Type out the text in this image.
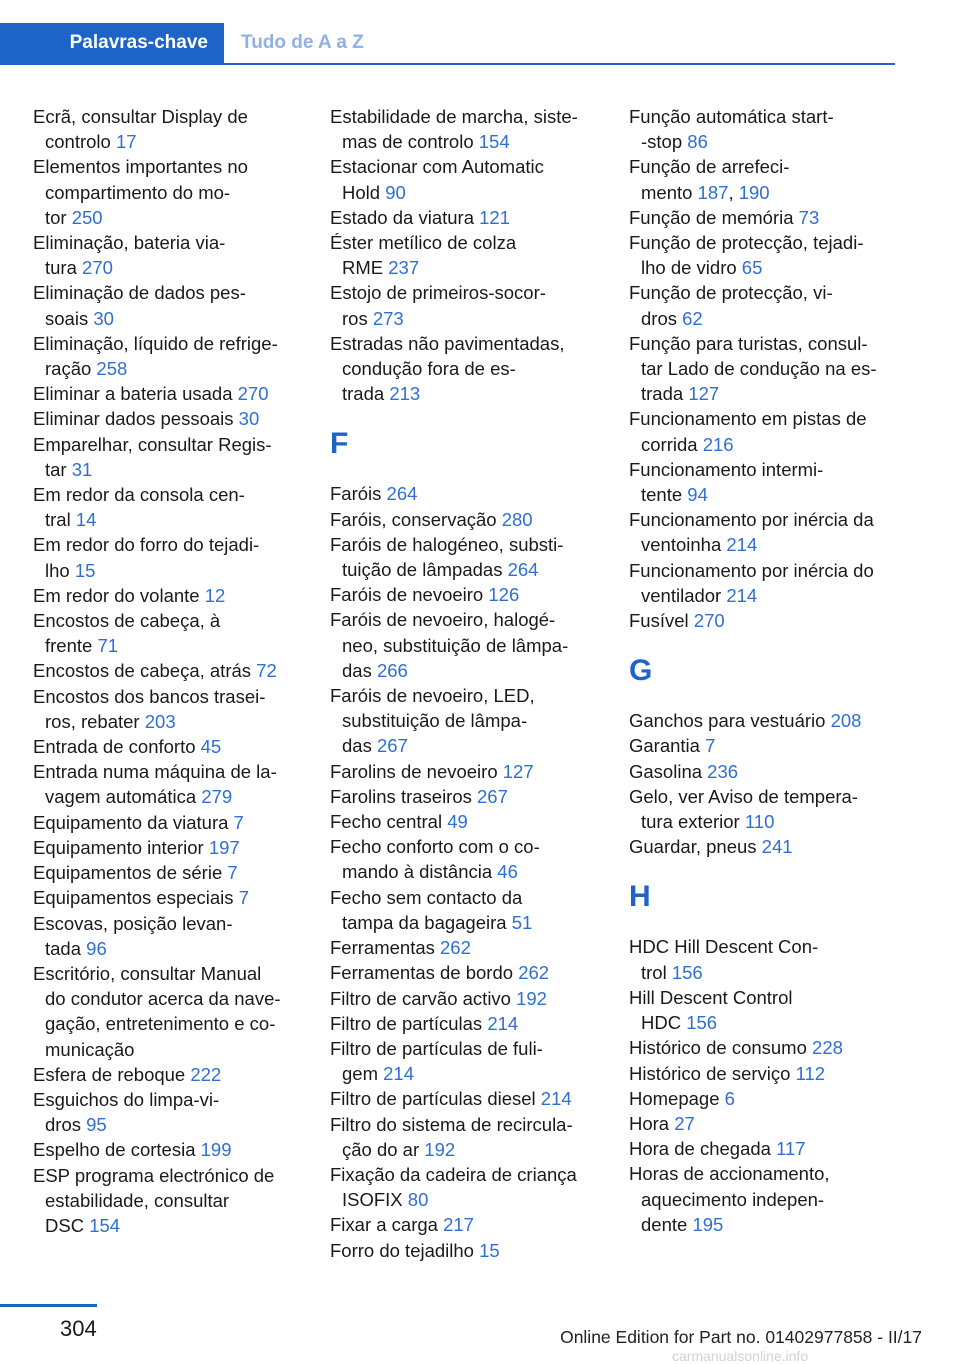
Palavras-chave	Tudo de A a Z
Ecrã, consultar Display de
controlo 17
Elementos importantes no
compartimento do mo-
tor 250
Eliminação, bateria via-
tura 270
Eliminação de dados pes-
soais 30
Eliminação, líquido de refrige-
ração 258
Eliminar a bateria usada 270
Eliminar dados pessoais 30
Emparelhar, consultar Regis-
tar 31
Em redor da consola cen-
tral 14
Em redor do forro do tejadi-
lho 15
Em redor do volante 12
Encostos de cabeça, à
frente 71
Encostos de cabeça, atrás 72
Encostos dos bancos trasei-
ros, rebater 203
Entrada de conforto 45
Entrada numa máquina de la-
vagem automática 279
Equipamento da viatura 7
Equipamento interior 197
Equipamentos de série 7
Equipamentos especiais 7
Escovas, posição levan-
tada 96
Escritório, consultar Manual
do condutor acerca da nave-
gação, entretenimento e co-
municação
Esfera de reboque 222
Esguichos do limpa-vi-
dros 95
Espelho de cortesia 199
ESP programa electrónico de
estabilidade, consultar
DSC 154
Estabilidade de marcha, siste-
mas de controlo 154
Estacionar com Automatic
Hold 90
Estado da viatura 121
Éster metílico de colza
RME 237
Estojo de primeiros-socor-
ros 273
Estradas não pavimentadas,
condução fora de es-
trada 213
F
Faróis 264
Faróis, conservação 280
Faróis de halogéneo, substi-
tuição de lâmpadas 264
Faróis de nevoeiro 126
Faróis de nevoeiro, halogé-
neo, substituição de lâmpa-
das 266
Faróis de nevoeiro, LED,
substituição de lâmpa-
das 267
Farolins de nevoeiro 127
Farolins traseiros 267
Fecho central 49
Fecho conforto com o co-
mando à distância 46
Fecho sem contacto da
tampa da bagageira 51
Ferramentas 262
Ferramentas de bordo 262
Filtro de carvão activo 192
Filtro de partículas 214
Filtro de partículas de fuli-
gem 214
Filtro de partículas diesel 214
Filtro do sistema de recircula-
ção do ar 192
Fixação da cadeira de criança
ISOFIX 80
Fixar a carga 217
Forro do tejadilho 15
Função automática start-
-stop 86
Função de arrefeci-
mento 187, 190
Função de memória 73
Função de protecção, tejadi-
lho de vidro 65
Função de protecção, vi-
dros 62
Função para turistas, consul-
tar Lado de condução na es-
trada 127
Funcionamento em pistas de
corrida 216
Funcionamento intermi-
tente 94
Funcionamento por inércia da
ventoinha 214
Funcionamento por inércia do
ventilador 214
Fusível 270
G
Ganchos para vestuário 208
Garantia 7
Gasolina 236
Gelo, ver Aviso de tempera-
tura exterior 110
Guardar, pneus 241
H
HDC Hill Descent Con-
trol 156
Hill Descent Control
HDC 156
Histórico de consumo 228
Histórico de serviço 112
Homepage 6
Hora 27
Hora de chegada 117
Horas de accionamento,
aquecimento indepen-
dente 195
304	Online Edition for Part no. 01402977858 - II/17
carmanualsonline.info
